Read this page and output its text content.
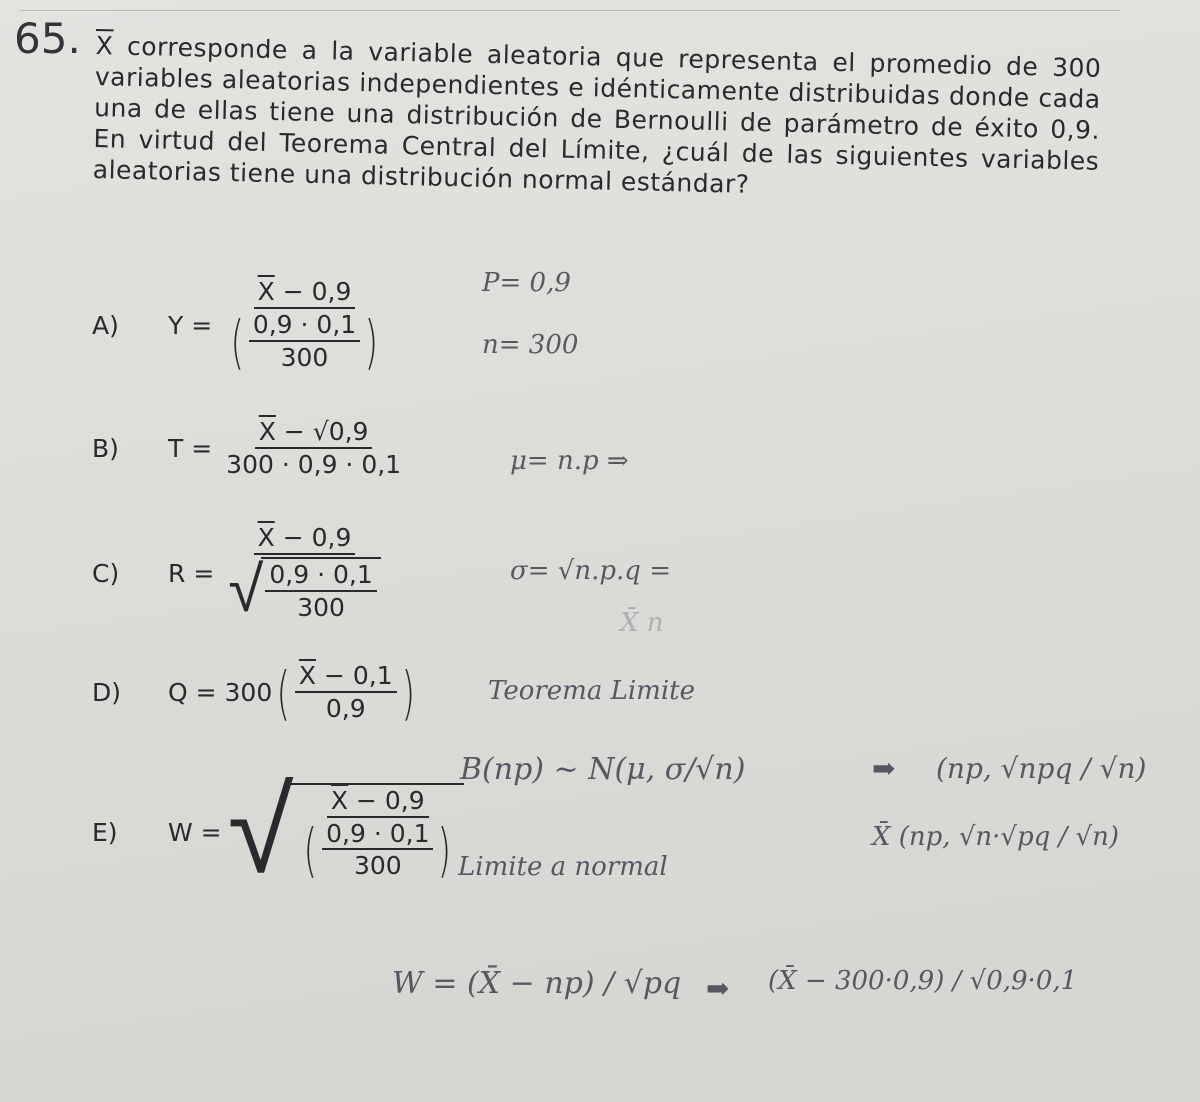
65. $\overline{X}$ corresponde a la variable aleatoria que representa el promedio de 300 variables aleatorias independientes e idénticamente distribuidas donde cada una de ellas tiene una distribución de Bernoulli de parámetro de éxito 0,9. En virtud del Teorema Central del Límite, ¿cuál de las siguientes variables aleatorias tiene una distribución normal estándar?
A)	Y =
$\overline{X} - 0,9$
( $\frac{0,9 \cdot 0,1}{300}$ )
B)	$T = \frac{\overline{X} - √0,9}{300 \cdot 0,9 \cdot 0,1}$
C)	$R = \overline{X} - 0,9$
√
$\frac{0,9 \cdot 0,1}{300}$
D)	Q = 300 ( $\frac{\overline{X} - 0,1}{0,9}$ )
E)	W = √ X − 0,9
( $\frac{0,9 \cdot 0,1}{300}$ )
P= 0,9
n= 300
μ= n.p ⇒
σ= √n.p.q =
X̄ n
Teorema Limite
B(np) ~ N(μ, σ/√n)	➡ (np, √npq / √n)
Limite a normal
X̄ (np, √n·√pq / √n)
W = (X̄ − np) / √pq ➡ (X̄ − 300·0,9) / √0,9·0,1
